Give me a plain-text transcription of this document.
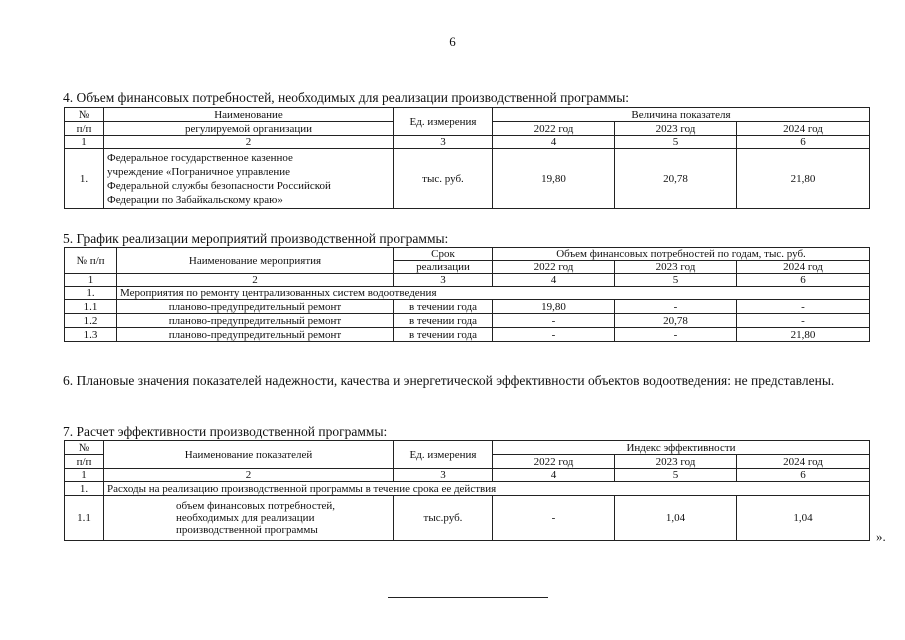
6
4. Объем финансовых потребностей, необходимых для реализации производственной программы:
№	Наименование	Ед. измерения	Величина показателя		
п/п	регулируемой организации		2022 год	2023 год	2024 год
1	2	3	4	5	6
1.	Федеральное государственное казенное
учреждение «Пограничное управление
Федеральной службы безопасности Российской
Федерации по Забайкальскому краю»	тыс. руб.	19,80	20,78	21,80
5. График реализации мероприятий производственной программы:
№ п/п	Наименование мероприятия	Срок	Объем финансовых потребностей по годам, тыс. руб.		
		реализации	2022 год	2023 год	2024 год
1	2	3	4	5	6
1.	Мероприятия по ремонту централизованных систем водоотведения				
1.1	планово-предупредительный ремонт	в течении года	19,80	-	-
1.2	планово-предупредительный ремонт	в течении года	-	20,78	-
1.3	планово-предупредительный ремонт	в течении года	-	-	21,80
6. Плановые значения показателей надежности, качества и энергетической эффективности объектов водоотведения: не представлены.
7. Расчет эффективности производственной программы:
№	Наименование показателей	Ед. измерения	Индекс эффективности		
п/п			2022 год	2023 год	2024 год
1	2	3	4	5	6
1.	Расходы на реализацию производственной программы в течение срока ее действия				
1.1	объем финансовых потребностей,
необходимых для реализации
производственной программы	тыс.руб.	-	1,04	1,04
».
